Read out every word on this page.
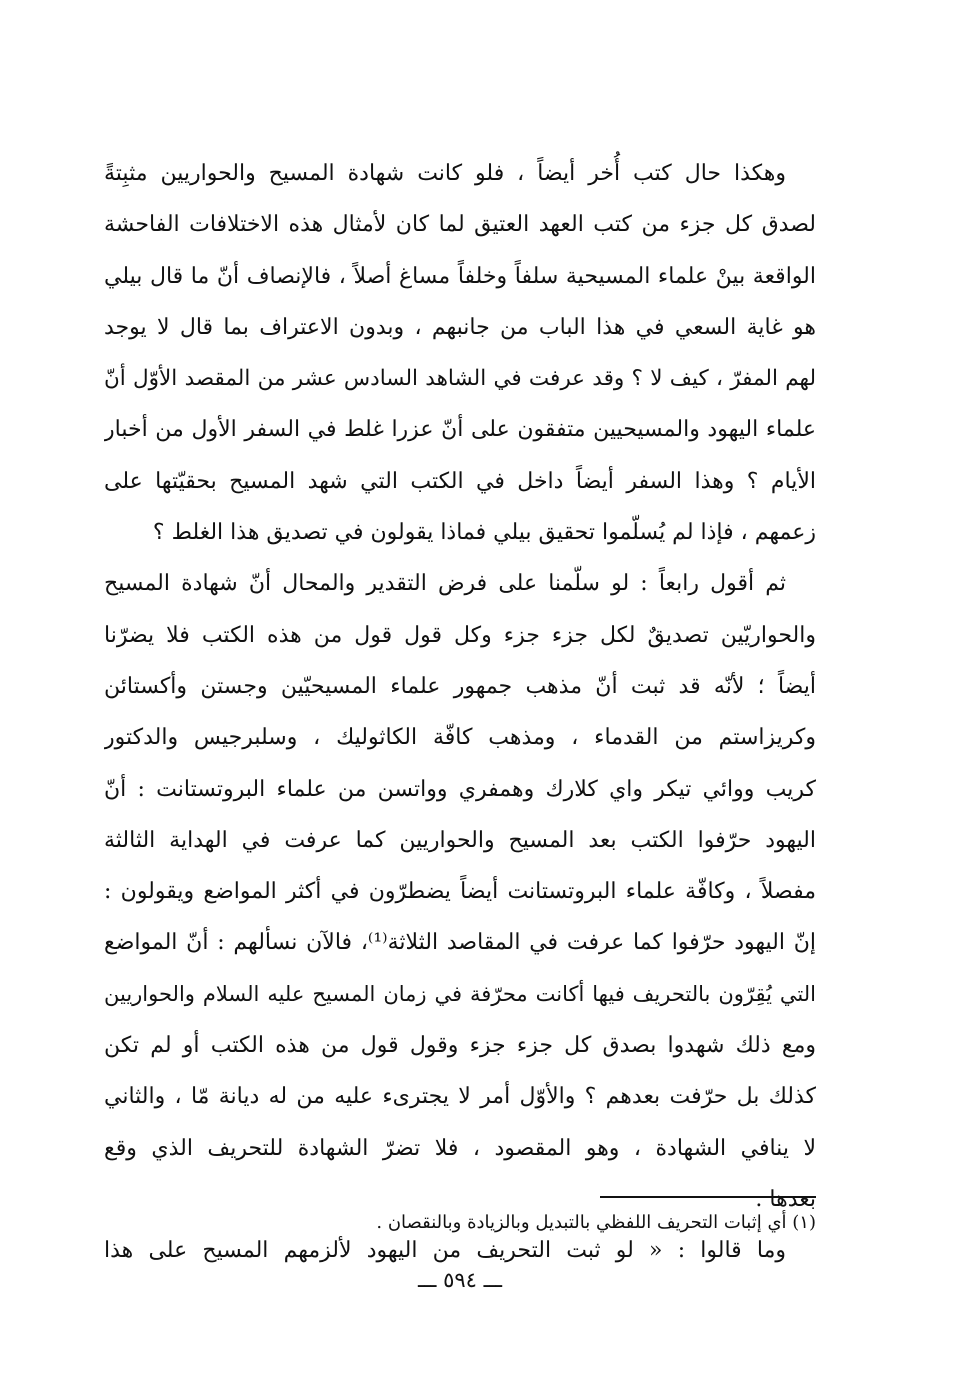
وهكذا حال كتب أُخر أيضاً ، فلو كانت شهادة المسيح والحواريين مثبِتةً
لصدق كل جزء من كتب العهد العتيق لما كان لأمثال هذه الاختلافات الفاحشة
الواقعة بينْ علماء المسيحية سلفاً وخلفاً مساغ أصلاً ، فالإنصاف أنّ ما قال بيلي
هو غاية السعي في هذا الباب من جانبهم ، وبدون الاعتراف بما قال لا يوجد
لهم المفرّ ، كيف لا ؟ وقد عرفت في الشاهد السادس عشر من المقصد الأوّل أنّ
علماء اليهود والمسيحيين متفقون على أنّ عزرا غلط في السفر الأول من أخبار
الأيام ؟ وهذا السفر أيضاً داخل في الكتب التي شهد المسيح بحقيّتها على
زعمهم ، فإذا لم يُسلّموا تحقيق بيلي فماذا يقولون في تصديق هذا الغلط ؟
ثم أقول رابعاً : لو سلّمنا على فرض التقدير والمحال أنّ شهادة المسيح
والحواريّين تصديقٌ لكل جزء جزء وكل قول قول من هذه الكتب فلا يضرّنا
أيضاً ؛ لأنّه قد ثبت أنّ مذهب جمهور علماء المسيحيّين وجستن وأكستائن
وكريزاستم من القدماء ، ومذهب كافّة الكاثوليك ، وسلبرجيس والدكتور
كريب ووائي تيكر واي كلارك وهمفري وواتسن من علماء البروتستانت : أنّ
اليهود حرّفوا الكتب بعد المسيح والحواريين كما عرفت في الهداية الثالثة
مفصلاً ، وكافّة علماء البروتستانت أيضاً يضطرّون في أكثر المواضع ويقولون :
إنّ اليهود حرّفوا كما عرفت في المقاصد الثلاثة⁽¹⁾، فالآن نسألهم : أنّ المواضع
التي يُقِرّون بالتحريف فيها أكانت محرّفة في زمان المسيح عليه السلام والحواريين
ومع ذلك شهدوا بصدق كل جزء جزء وقول قول من هذه الكتب أو لم تكن
كذلك بل حرّفت بعدهم ؟ والأوّل أمر لا يجترىء عليه من له ديانة مّا ، والثاني
لا ينافي الشهادة ، وهو المقصود ، فلا تضرّ الشهادة للتحريف الذي وقع
بعدها .
وما قالوا : « لو ثبت التحريف من اليهود لألزمهم المسيح على هذا
(١) أي إثبات التحريف اللفظي بالتبديل وبالزيادة وبالنقصان .
ـــ ٥٩٤ ـــ
